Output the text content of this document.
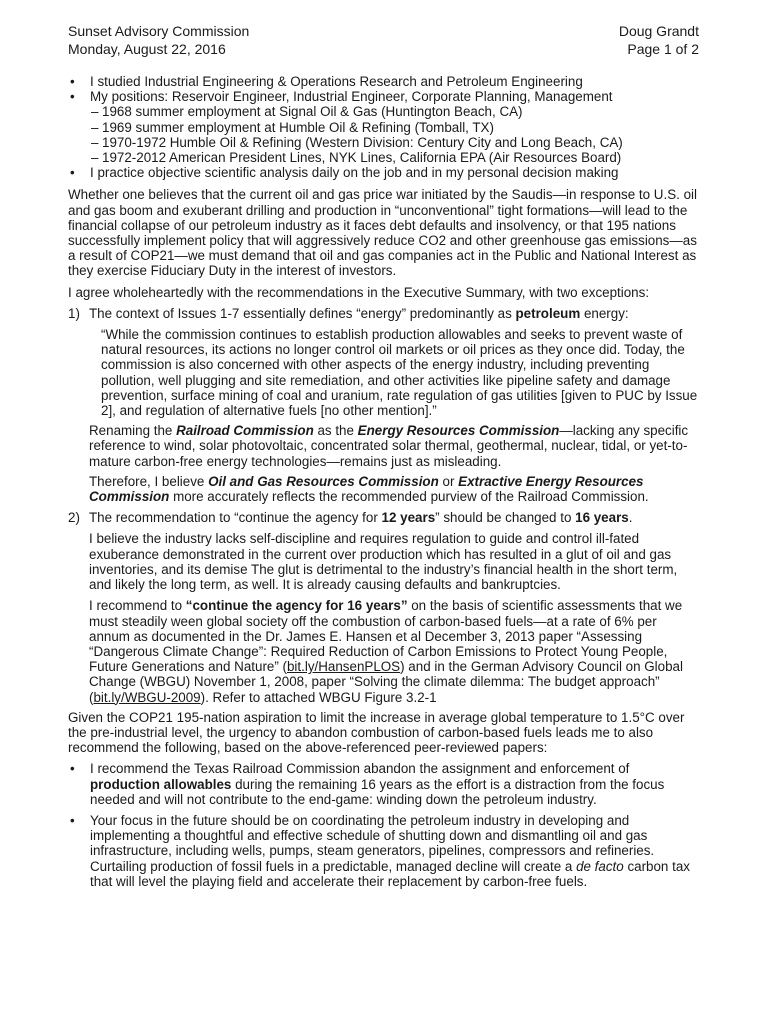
Sunset Advisory Commission
Monday, August 22, 2016
Doug Grandt
Page 1 of 2
•	I studied Industrial Engineering & Operations Research and Petroleum Engineering
•	My positions: Reservoir Engineer, Industrial Engineer, Corporate Planning, Management
– 1968 summer employment at Signal Oil & Gas (Huntington Beach, CA)
– 1969 summer employment at Humble Oil & Refining (Tomball, TX)
– 1970-1972 Humble Oil & Refining (Western Division: Century City and Long Beach, CA)
– 1972-2012 American President Lines, NYK Lines, California EPA (Air Resources Board)
•	I practice objective scientific analysis daily on the job and in my personal decision making

Whether one believes that the current oil and gas price war initiated by the Saudis—in response to U.S. oil and gas boom and exuberant drilling and production in “unconventional” tight formations—will lead to the financial collapse of our petroleum industry as it faces debt defaults and insolvency, or that 195 nations successfully implement policy that will aggressively reduce CO2 and other greenhouse gas emissions—as a result of COP21—we must demand that oil and gas companies act in the Public and National Interest as they exercise Fiduciary Duty in the interest of investors.

I agree wholeheartedly with the recommendations in the Executive Summary, with two exceptions:

1) The context of Issues 1-7 essentially defines “energy” predominantly as petroleum energy:

“While the commission continues to establish production allowables and seeks to prevent waste of natural resources, its actions no longer control oil markets or oil prices as they once did. Today, the commission is also concerned with other aspects of the energy industry, including preventing pollution, well plugging and site remediation, and other activities like pipeline safety and damage prevention, surface mining of coal and uranium, rate regulation of gas utilities [given to PUC by Issue 2], and regulation of alternative fuels [no other mention].”

Renaming the Railroad Commission as the Energy Resources Commission—lacking any specific reference to wind, solar photovoltaic, concentrated solar thermal, geothermal, nuclear, tidal, or yet-to-mature carbon-free energy technologies—remains just as misleading.

Therefore, I believe Oil and Gas Resources Commission or Extractive Energy Resources Commission more accurately reflects the recommended purview of the Railroad Commission.

2) The recommendation to “continue the agency for 12 years” should be changed to 16 years.

I believe the industry lacks self-discipline and requires regulation to guide and control ill-fated exuberance demonstrated in the current over production which has resulted in a glut of oil and gas inventories, and its demise The glut is detrimental to the industry’s financial health in the short term, and likely the long term, as well. It is already causing defaults and bankruptcies.

I recommend to “continue the agency for 16 years” on the basis of scientific assessments that we must steadily ween global society off the combustion of carbon-based fuels—at a rate of 6% per annum as documented in the Dr. James E. Hansen et al December 3, 2013 paper “Assessing “Dangerous Climate Change”: Required Reduction of Carbon Emissions to Protect Young People, Future Generations and Nature” (bit.ly/HansenPLOS) and in the German Advisory Council on Global Change (WBGU) November 1, 2008, paper “Solving the climate dilemma: The budget approach” (bit.ly/WBGU-2009). Refer to attached WBGU Figure 3.2-1

Given the COP21 195-nation aspiration to limit the increase in average global temperature to 1.5°C over the pre-industrial level, the urgency to abandon combustion of carbon-based fuels leads me to also recommend the following, based on the above-referenced peer-reviewed papers:

•	I recommend the Texas Railroad Commission abandon the assignment and enforcement of production allowables during the remaining 16 years as the effort is a distraction from the focus needed and will not contribute to the end-game: winding down the petroleum industry.
•	Your focus in the future should be on coordinating the petroleum industry in developing and implementing a thoughtful and effective schedule of shutting down and dismantling oil and gas infrastructure, including wells, pumps, steam generators, pipelines, compressors and refineries. Curtailing production of fossil fuels in a predictable, managed decline will create a de facto carbon tax that will level the playing field and accelerate their replacement by carbon-free fuels.
